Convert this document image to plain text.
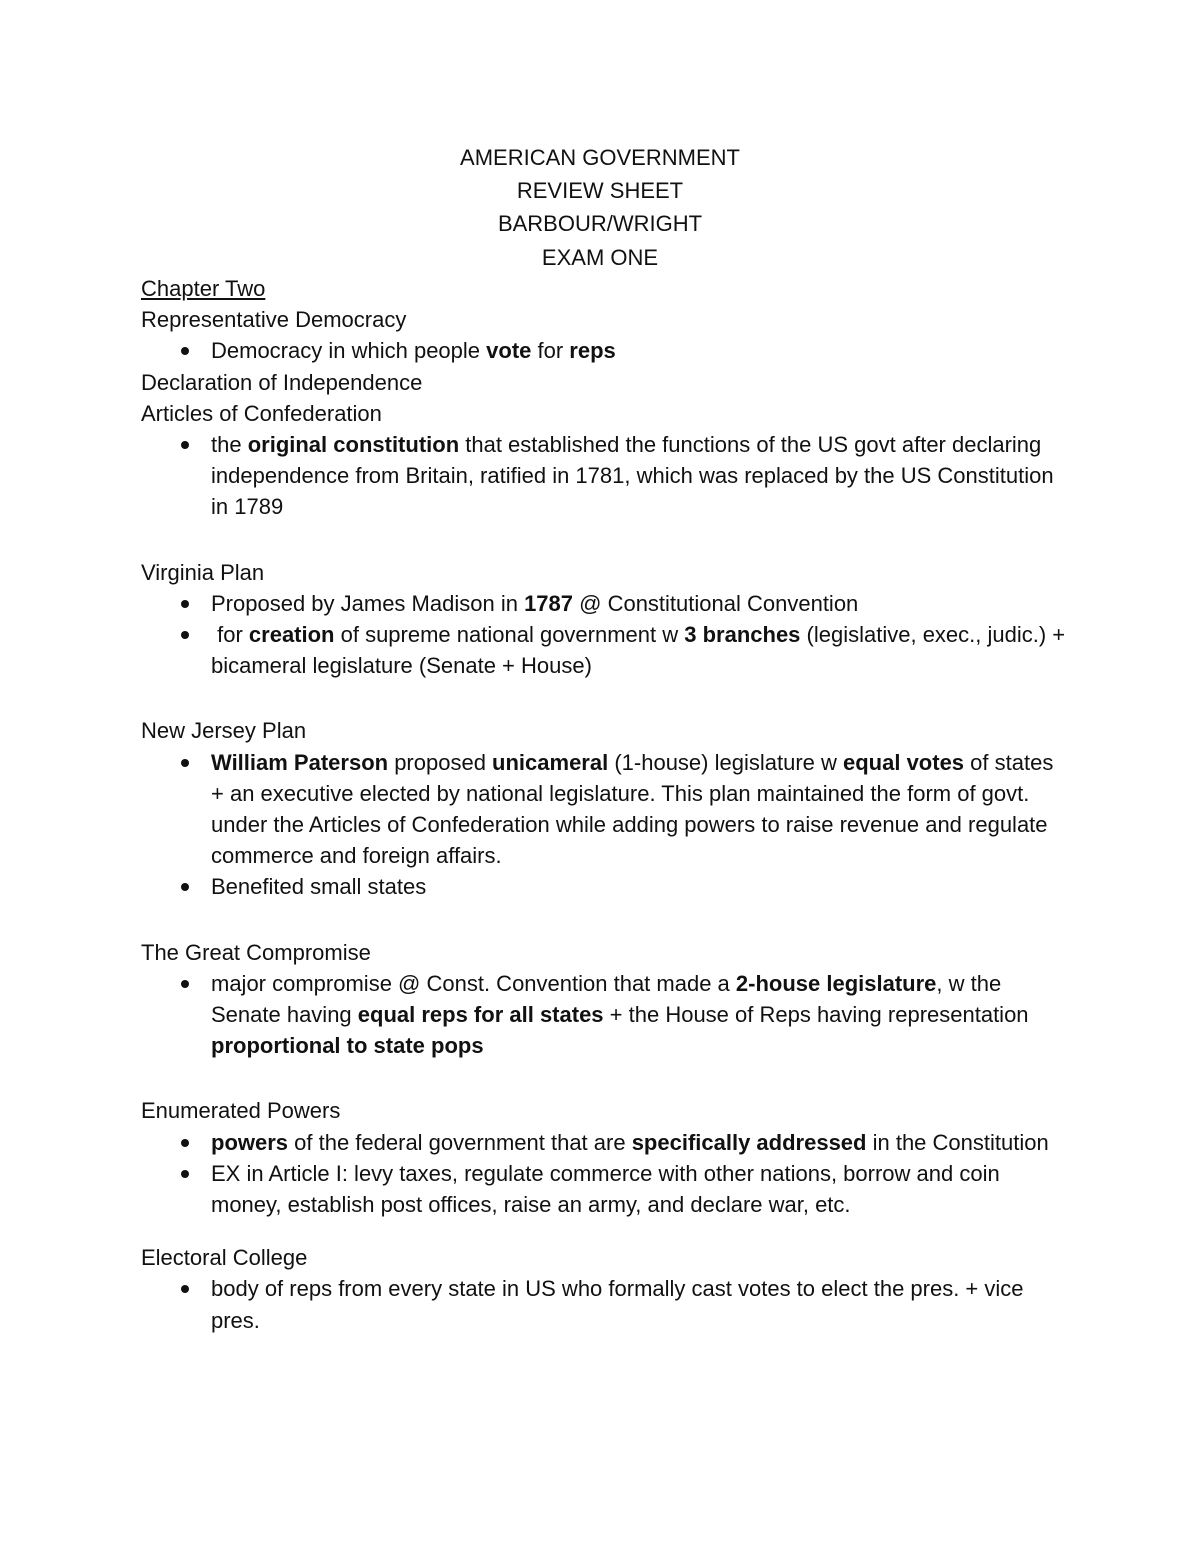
AMERICAN GOVERNMENT
REVIEW SHEET
BARBOUR/WRIGHT
EXAM ONE
Chapter Two
Representative Democracy
Democracy in which people vote for reps
Declaration of Independence
Articles of Confederation
the original constitution that established the functions of the US govt after declaring independence from Britain, ratified in 1781, which was replaced by the US Constitution in 1789
Virginia Plan
Proposed by James Madison in 1787 @ Constitutional Convention
for creation of supreme national government w 3 branches (legislative, exec., judic.) + bicameral legislature (Senate + House)
New Jersey Plan
William Paterson proposed unicameral (1-house) legislature w equal votes of states + an executive elected by national legislature. This plan maintained the form of govt. under the Articles of Confederation while adding powers to raise revenue and regulate commerce and foreign affairs.
Benefited small states
The Great Compromise
major compromise @ Const. Convention that made a 2-house legislature, w the Senate having equal reps for all states + the House of Reps having representation proportional to state pops
Enumerated Powers
powers of the federal government that are specifically addressed in the Constitution
EX in Article I: levy taxes, regulate commerce with other nations, borrow and coin money, establish post offices, raise an army, and declare war, etc.
Electoral College
body of reps from every state in US who formally cast votes to elect the pres. + vice pres.
